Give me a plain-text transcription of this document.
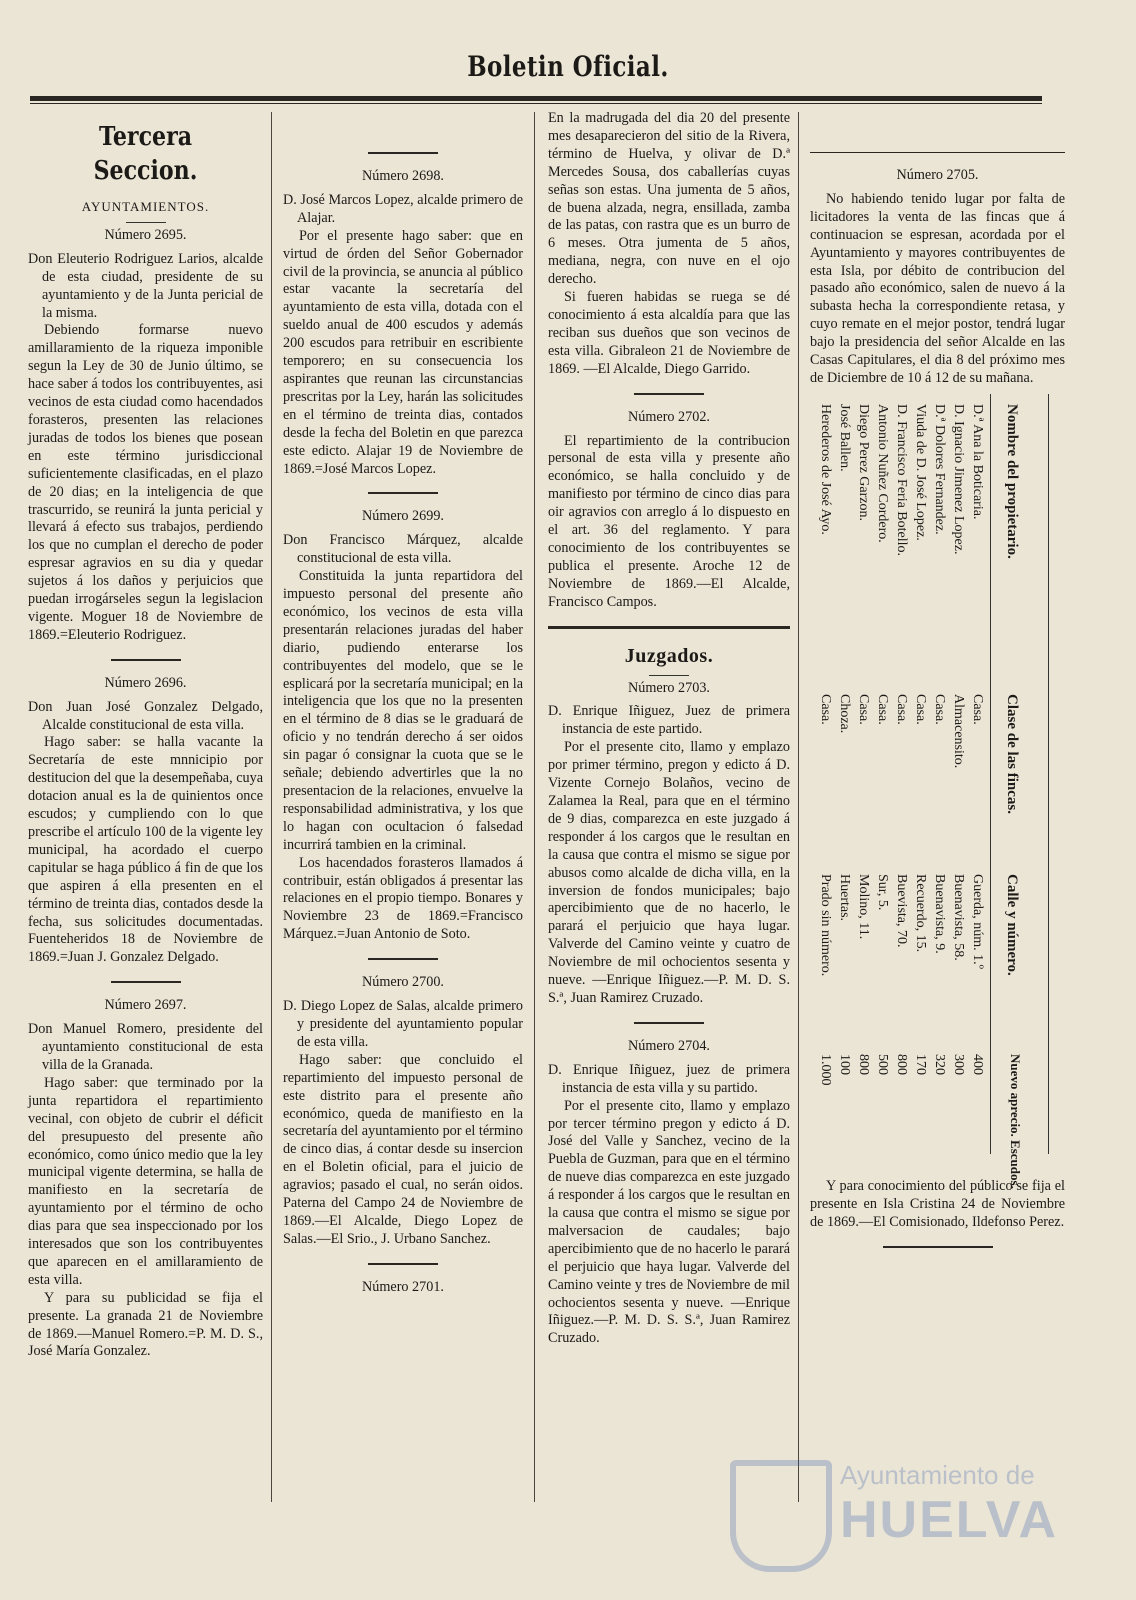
Boletin Oficial.
Tercera Seccion.
AYUNTAMIENTOS.
Número 2695.

Don Eleuterio Rodriguez Larios, alcalde de esta ciudad, presidente de su ayuntamiento y de la Junta pericial de la misma.

Debiendo formarse nuevo amillaramiento de la riqueza imponible segun la Ley de 30 de Junio último, se hace saber á todos los contribuyentes, asi vecinos de esta ciudad como hacendados forasteros, presenten las relaciones juradas de todos los bienes que posean en este término jurisdiccional suficientemente clasificadas, en el plazo de 20 dias; en la inteligencia de que trascurrido, se reunirá la junta pericial y llevará á efecto sus trabajos, perdiendo los que no cumplan el derecho de poder espresar agravios en su dia y quedar sujetos á los daños y perjuicios que puedan irrogárseles segun la legislacion vigente. Moguer 18 de Noviembre de 1869.=Eleuterio Rodriguez.

Número 2696.

Don Juan José Gonzalez Delgado, Alcalde constitucional de esta villa.

Hago saber: se halla vacante la Secretaría de este mnnicipio por destitucion del que la desempeñaba, cuya dotacion anual es la de quinientos once escudos; y cumpliendo con lo que prescribe el artículo 100 de la vigente ley municipal, ha acordado el cuerpo capitular se haga público á fin de que los que aspiren á ella presenten en el término de treinta dias, contados desde la fecha, sus solicitudes documentadas. Fuenteheridos 18 de Noviembre de 1869.=Juan J. Gonzalez Delgado.

Número 2697.

Don Manuel Romero, presidente del ayuntamiento constitucional de esta villa de la Granada.

Hago saber: que terminado por la junta repartidora el repartimiento vecinal, con objeto de cubrir el déficit del presupuesto del presente año económico, como único medio que la ley municipal vigente determina, se halla de manifiesto en la secretaría de ayuntamiento por el término de ocho dias para que sea inspeccionado por los interesados que son los contribuyentes que aparecen en el amillaramiento de esta villa.

Y para su publicidad se fija el presente. La granada 21 de Noviembre de 1869.—Manuel Romero.=P. M. D. S., José María Gonzalez.

Número 2698.

D. José Marcos Lopez, alcalde primero de Alajar.

Por el presente hago saber: que en virtud de órden del Señor Gobernador civil de la provincia, se anuncia al público estar vacante la secretaría del ayuntamiento de esta villa, dotada con el sueldo anual de 400 escudos y además 200 escudos para retribuir en escribiente temporero; en su consecuencia los aspirantes que reunan las circunstancias prescritas por la Ley, harán las solicitudes en el término de treinta dias, contados desde la fecha del Boletin en que parezca este edicto. Alajar 19 de Noviembre de 1869.=José Marcos Lopez.

Número 2699.

Don Francisco Márquez, alcalde constitucional de esta villa.

Constituida la junta repartidora del impuesto personal del presente año económico, los vecinos de esta villa presentarán relaciones juradas del haber diario, pudiendo enterarse los contribuyentes del modelo, que se le esplicará por la secretaría municipal; en la inteligencia que los que no la presenten en el término de 8 dias se le graduará de oficio y no tendrán derecho á ser oidos sin pagar ó consignar la cuota que se le señale; debiendo advertirles que la no presentacion de la relaciones, envuelve la responsabilidad administrativa, y los que lo hagan con ocultacion ó falsedad incurrirá tambien en la criminal.

Los hacendados forasteros llamados á contribuir, están obligados á presentar las relaciones en el propio tiempo. Bonares y Noviembre 23 de 1869.=Francisco Márquez.=Juan Antonio de Soto.

Número 2700.

D. Diego Lopez de Salas, alcalde primero y presidente del ayuntamiento popular de esta villa.

Hago saber: que concluido el repartimiento del impuesto personal de este distrito para el presente año económico, queda de manifiesto en la secretaría del ayuntamiento por el término de cinco dias, á contar desde su insercion en el Boletin oficial, para el juicio de agravios; pasado el cual, no serán oidos. Paterna del Campo 24 de Noviembre de 1869.—El Alcalde, Diego Lopez de Salas.—El Srio., J. Urbano Sanchez.

Número 2701.

En la madrugada del dia 20 del presente mes desaparecieron del sitio de la Rivera, término de Huelva, y olivar de D.ª Mercedes Sousa, dos caballerías cuyas señas son estas. Una jumenta de 5 años, de buena alzada, negra, ensillada, zamba de las patas, con rastra que es un burro de 6 meses. Otra jumenta de 5 años, mediana, negra, con nuve en el ojo derecho.

Si fueren habidas se ruega se dé conocimiento á esta alcaldía para que las reciban sus dueños que son vecinos de esta villa. Gibraleon 21 de Noviembre de 1869. —El Alcalde, Diego Garrido.

Número 2702.

El repartimiento de la contribucion personal de esta villa y presente año económico, se halla concluido y de manifiesto por término de cinco dias para oir agravios con arreglo á lo dispuesto en el art. 36 del reglamento. Y para conocimiento de los contribuyentes se publica el presente. Aroche 12 de Noviembre de 1869.—El Alcalde, Francisco Campos.

Juzgados.
Número 2703.

D. Enrique Iñiguez, Juez de primera instancia de este partido.

Por el presente cito, llamo y emplazo por primer término, pregon y edicto á D. Vizente Cornejo Bolaños, vecino de Zalamea la Real, para que en el término de 9 dias, comparezca en este juzgado á responder á los cargos que le resultan en la causa que contra el mismo se sigue por abusos como alcalde de dicha villa, en la inversion de fondos municipales; bajo apercibimiento que de no hacerlo, le parará el perjuicio que haya lugar. Valverde del Camino veinte y cuatro de Noviembre de mil ochocientos sesenta y nueve. —Enrique Iñiguez.—P. M. D. S. S.ª, Juan Ramirez Cruzado.

Número 2704.

D. Enrique Iñiguez, juez de primera instancia de esta villa y su partido.

Por el presente cito, llamo y emplazo por tercer término pregon y edicto á D. José del Valle y Sanchez, vecino de la Puebla de Guzman, para que en el término de nueve dias comparezca en este juzgado á responder á los cargos que le resultan en la causa que contra el mismo se sigue por malversacion de caudales; bajo apercibimiento que de no hacerlo le parará el perjuicio que haya lugar. Valverde del Camino veinte y tres de Noviembre de mil ochocientos sesenta y nueve. —Enrique Iñiguez.—P. M. D. S. S.ª, Juan Ramirez Cruzado.

Número 2705.

No habiendo tenido lugar por falta de licitadores la venta de las fincas que á continuacion se espresan, acordada por el Ayuntamiento y mayores contribuyentes de esta Isla, por débito de contribucion del pasado año económico, salen de nuevo á la subasta hecha la correspondiente retasa, y cuyo remate en el mejor postor, tendrá lugar bajo la presidencia del señor Alcalde en las Casas Capitulares, el dia 8 del próximo mes de Diciembre de 10 á 12 de su mañana.

Nombre del propietario.
Clase de las fincas.
Calle y número.
Nuevo aprecio. Escudos.
D.ª Ana la Boticaria.
Casa.
Guerda, núm. 1.º
400
D. Ignacio Jimenez Lopez.
Almacensito.
Buenavista, 58.
300
D.ª Dolores Fernandez.
Casa.
Buenavista, 9.
320
Viuda de D. José Lopez.
Casa.
Recuerdo, 15.
170
D. Francisco Feria Botello.
Casa.
Buevista, 70.
800
Antonio Nuñez Cordero.
Casa.
Sur, 5.
500
Diego Perez Garzon.
Casa.
Molino, 11.
800
José Ballen.
Choza.
Huertas.
100
Herederos de José Ayo.
Casa.
Prado sin número.
1.000

Y para conocimiento del público se fija el presente en Isla Cristina 24 de Noviembre de 1869.—El Comisionado, Ildefonso Perez.

Ayuntamiento de
HUELVA
